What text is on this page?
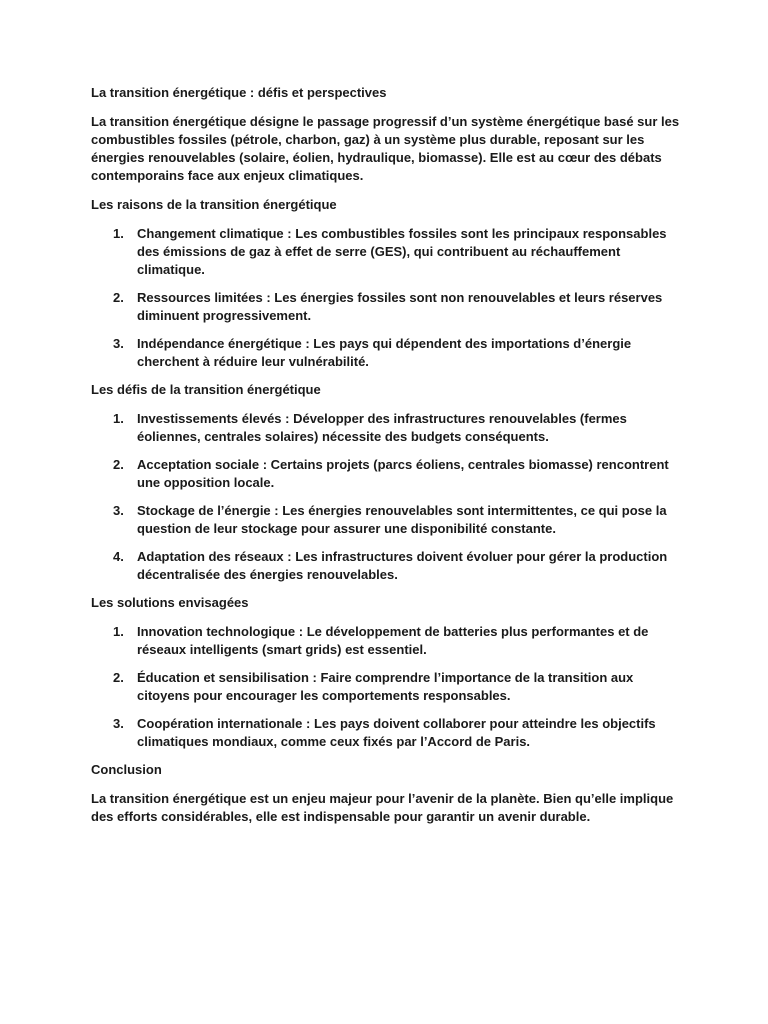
La transition énergétique : défis et perspectives

La transition énergétique désigne le passage progressif d’un système énergétique basé sur les combustibles fossiles (pétrole, charbon, gaz) à un système plus durable, reposant sur les énergies renouvelables (solaire, éolien, hydraulique, biomasse). Elle est au cœur des débats contemporains face aux enjeux climatiques.

Les raisons de la transition énergétique

1. Changement climatique : Les combustibles fossiles sont les principaux responsables des émissions de gaz à effet de serre (GES), qui contribuent au réchauffement climatique.
2. Ressources limitées : Les énergies fossiles sont non renouvelables et leurs réserves diminuent progressivement.
3. Indépendance énergétique : Les pays qui dépendent des importations d’énergie cherchent à réduire leur vulnérabilité.

Les défis de la transition énergétique

1. Investissements élevés : Développer des infrastructures renouvelables (fermes éoliennes, centrales solaires) nécessite des budgets conséquents.
2. Acceptation sociale : Certains projets (parcs éoliens, centrales biomasse) rencontrent une opposition locale.
3. Stockage de l’énergie : Les énergies renouvelables sont intermittentes, ce qui pose la question de leur stockage pour assurer une disponibilité constante.
4. Adaptation des réseaux : Les infrastructures doivent évoluer pour gérer la production décentralisée des énergies renouvelables.

Les solutions envisagées

1. Innovation technologique : Le développement de batteries plus performantes et de réseaux intelligents (smart grids) est essentiel.
2. Éducation et sensibilisation : Faire comprendre l’importance de la transition aux citoyens pour encourager les comportements responsables.
3. Coopération internationale : Les pays doivent collaborer pour atteindre les objectifs climatiques mondiaux, comme ceux fixés par l’Accord de Paris.

Conclusion

La transition énergétique est un enjeu majeur pour l’avenir de la planète. Bien qu’elle implique des efforts considérables, elle est indispensable pour garantir un avenir durable.
